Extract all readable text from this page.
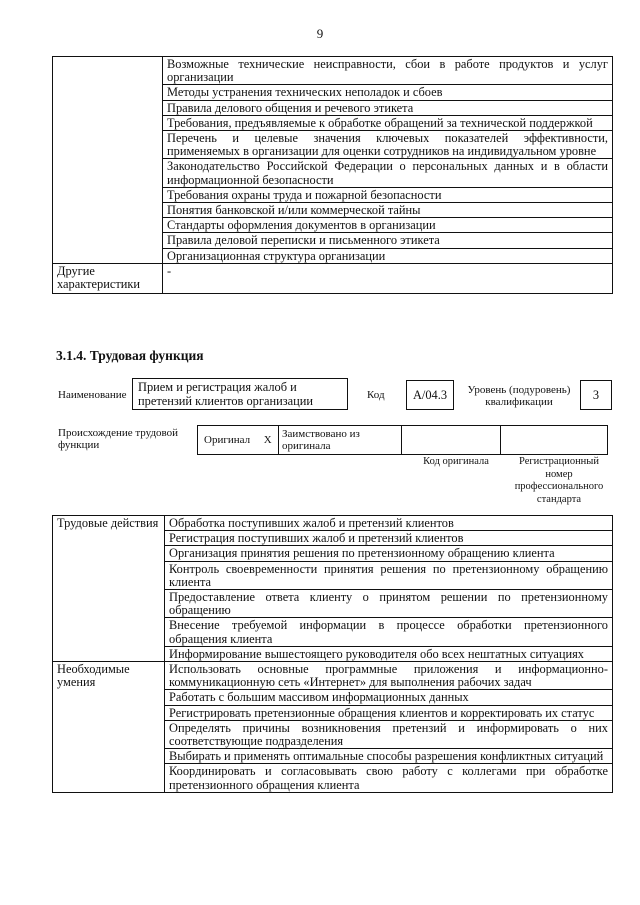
9
	Возможные технические неисправности, сбои в работе продуктов и услуг организации
	Методы устранения технических неполадок и сбоев
	Правила делового общения и речевого этикета
	Требования, предъявляемые к обработке обращений за технической поддержкой
	Перечень и целевые значения ключевых показателей эффективности, применяемых в организации для оценки сотрудников на индивидуальном уровне
	Законодательство Российской Федерации о персональных данных и в области информационной безопасности
	Требования охраны труда и пожарной безопасности
	Понятия банковской и/или коммерческой тайны
	Стандарты оформления документов в организации
	Правила деловой переписки и письменного этикета
	Организационная структура организации
Другие характеристики	-
3.1.4. Трудовая функция
Наименование
Прием и регистрация жалоб и претензий клиентов организации	Код	A/04.3	Уровень (подуровень) квалификации	3
Происхождение трудовой функции	Оригинал	X	Заимствовано из оригинала		
Код оригинала	Регистрационный номер профессионального стандарта
Трудовые действия	Обработка поступивших жалоб и претензий клиентов
	Регистрация поступивших жалоб и претензий клиентов
	Организация принятия решения по претензионному обращению клиента
	Контроль своевременности принятия решения по претензионному обращению клиента
	Предоставление ответа клиенту о принятом решении по претензионному обращению
	Внесение требуемой информации в процессе обработки претензионного обращения клиента
	Информирование вышестоящего руководителя обо всех нештатных ситуациях
Необходимые умения	Использовать основные программные приложения и информационно-коммуникационную сеть «Интернет» для выполнения рабочих задач
	Работать с большим массивом информационных данных
	Регистрировать претензионные обращения клиентов и корректировать их статус
	Определять причины возникновения претензий и информировать о них соответствующие подразделения
	Выбирать и применять оптимальные способы разрешения конфликтных ситуаций
	Координировать и согласовывать свою работу с коллегами при обработке претензионного обращения клиента
